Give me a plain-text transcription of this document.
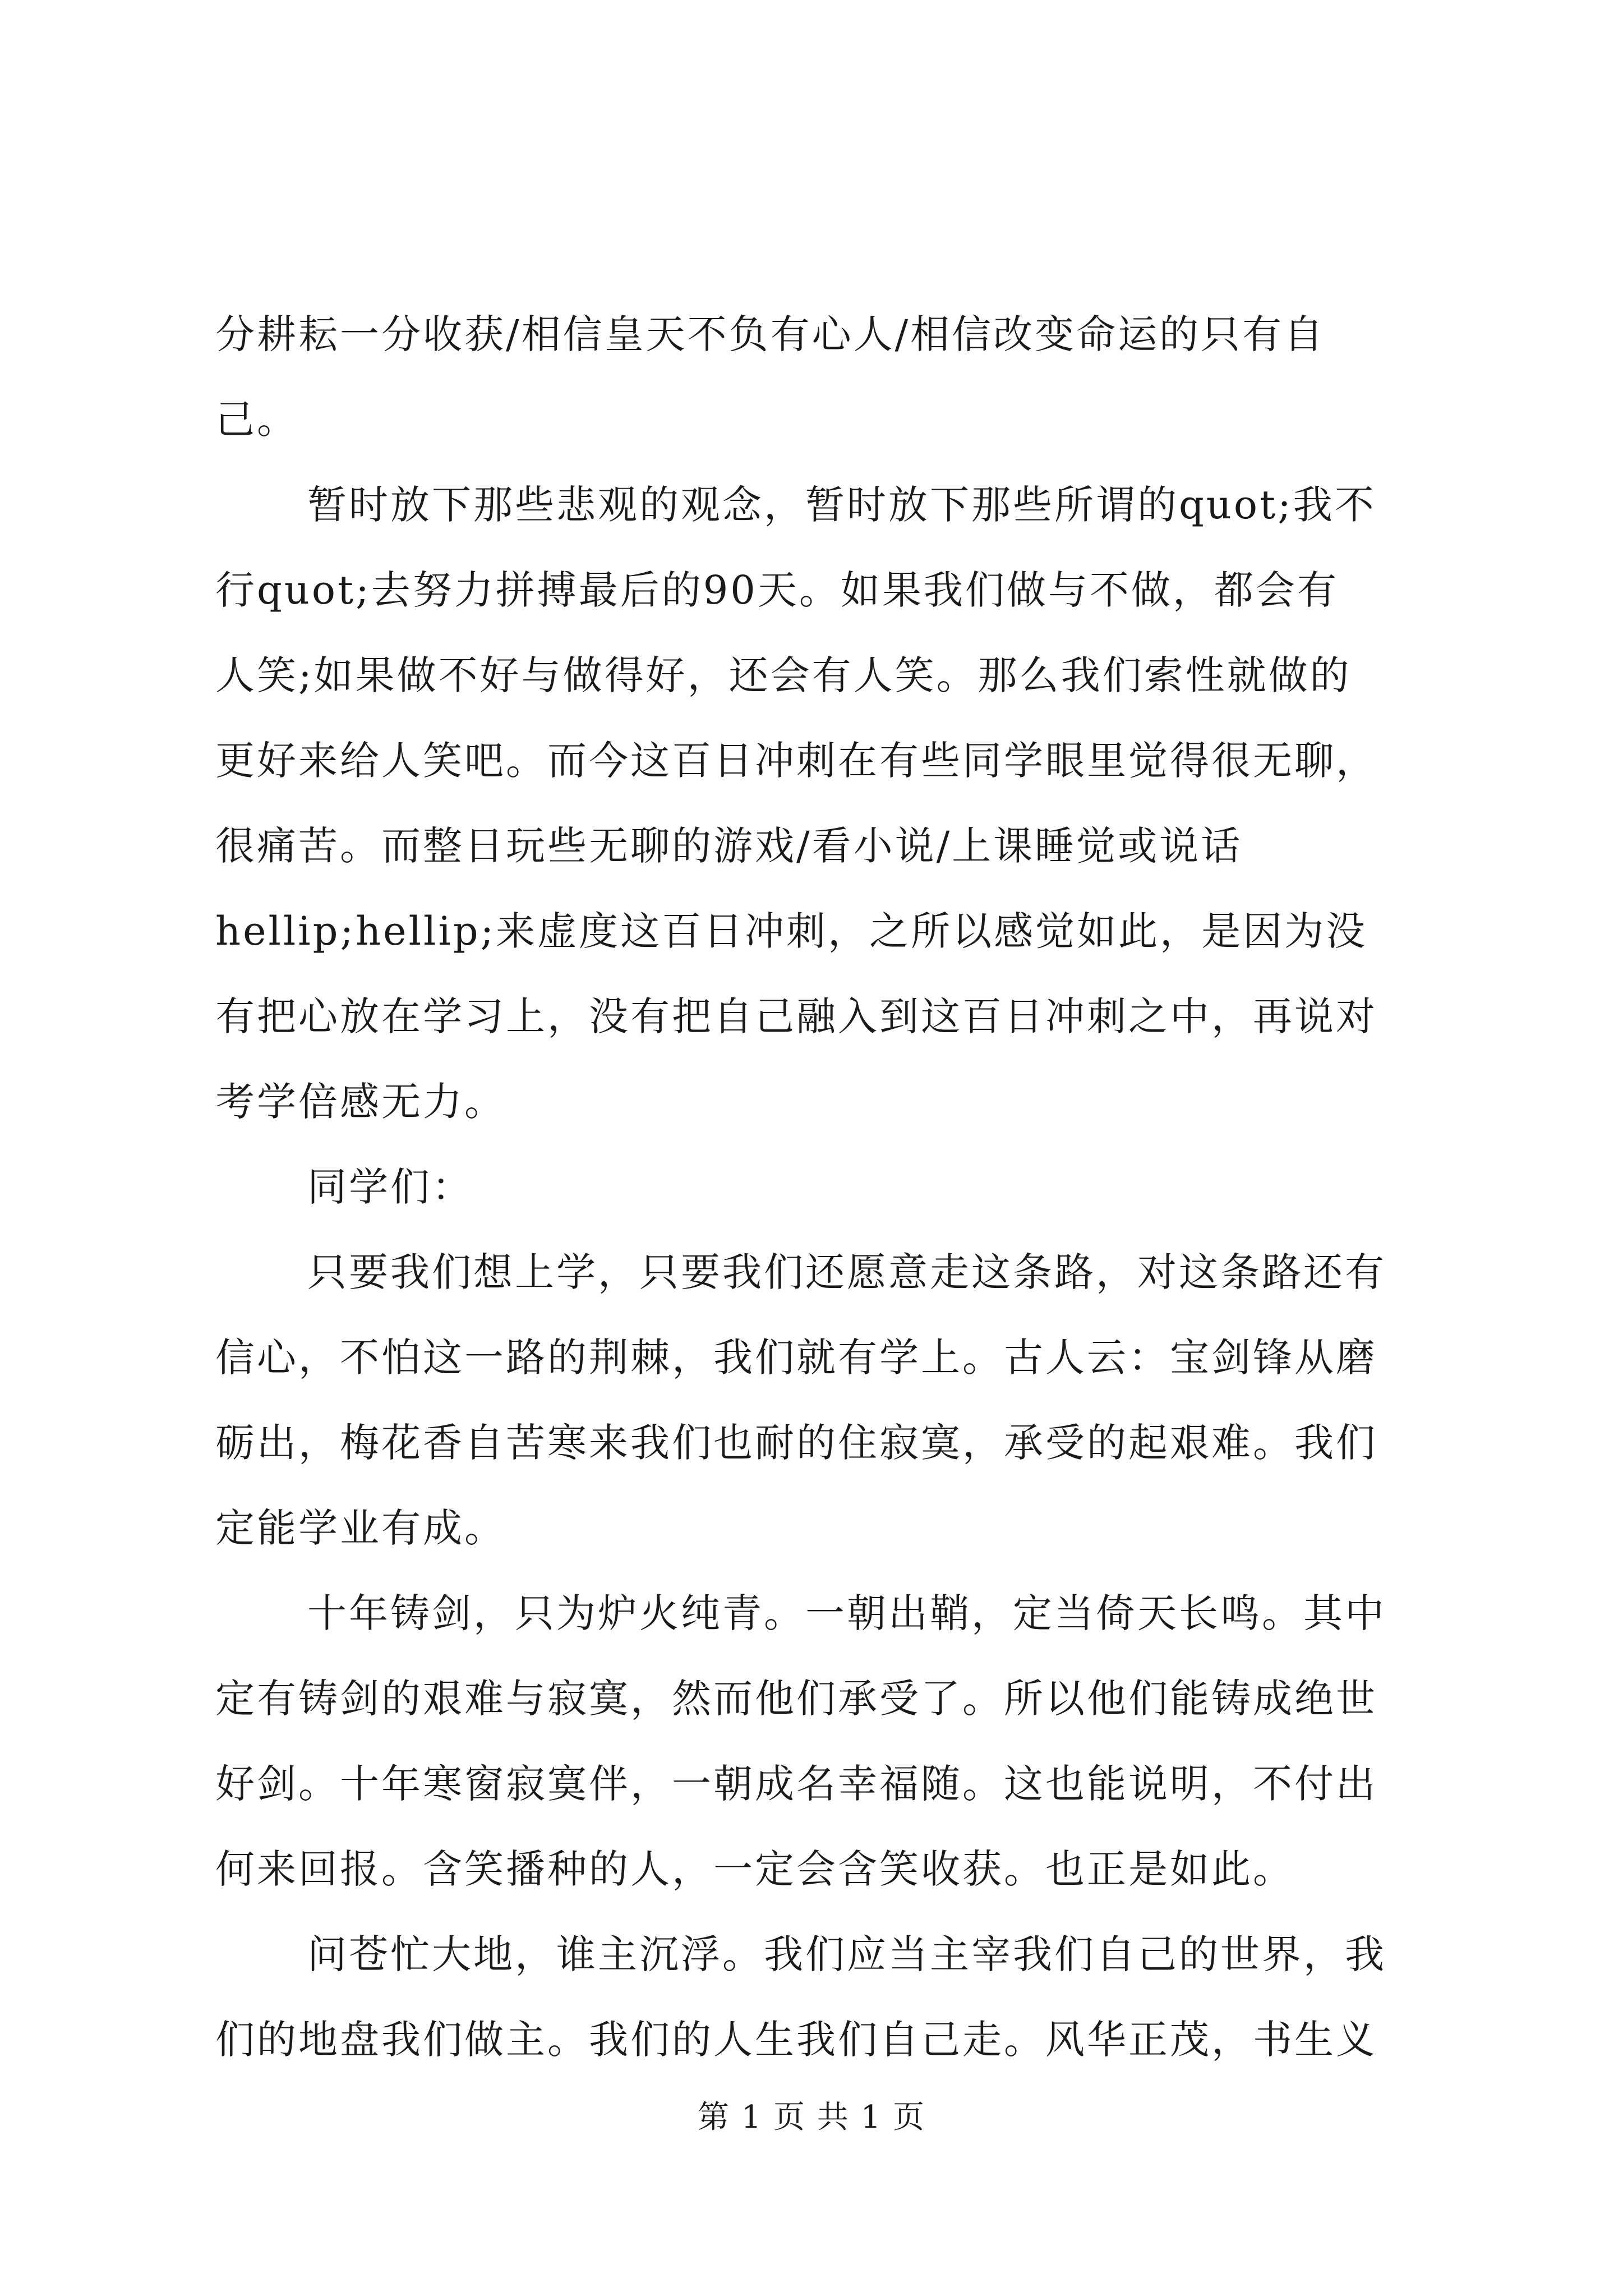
分耕耘一分收获/相信皇天不负有心人/相信改变命运的只有自
己。
暂时放下那些悲观的观念，暂时放下那些所谓的quot;我不
行quot;去努力拼搏最后的90天。如果我们做与不做，都会有
人笑;如果做不好与做得好，还会有人笑。那么我们索性就做的
更好来给人笑吧。而今这百日冲刺在有些同学眼里觉得很无聊，
很痛苦。而整日玩些无聊的游戏/看小说/上课睡觉或说话
hellip;hellip;来虚度这百日冲刺，之所以感觉如此，是因为没
有把心放在学习上，没有把自己融入到这百日冲刺之中，再说对
考学倍感无力。
同学们：
只要我们想上学，只要我们还愿意走这条路，对这条路还有
信心，不怕这一路的荆棘，我们就有学上。古人云：宝剑锋从磨
砺出，梅花香自苦寒来我们也耐的住寂寞，承受的起艰难。我们
定能学业有成。
十年铸剑，只为炉火纯青。一朝出鞘，定当倚天长鸣。其中
定有铸剑的艰难与寂寞，然而他们承受了。所以他们能铸成绝世
好剑。十年寒窗寂寞伴，一朝成名幸福随。这也能说明，不付出
何来回报。含笑播种的人，一定会含笑收获。也正是如此。
问苍忙大地，谁主沉浮。我们应当主宰我们自己的世界，我
们的地盘我们做主。我们的人生我们自己走。风华正茂，书生义
第 1 页 共 1 页
